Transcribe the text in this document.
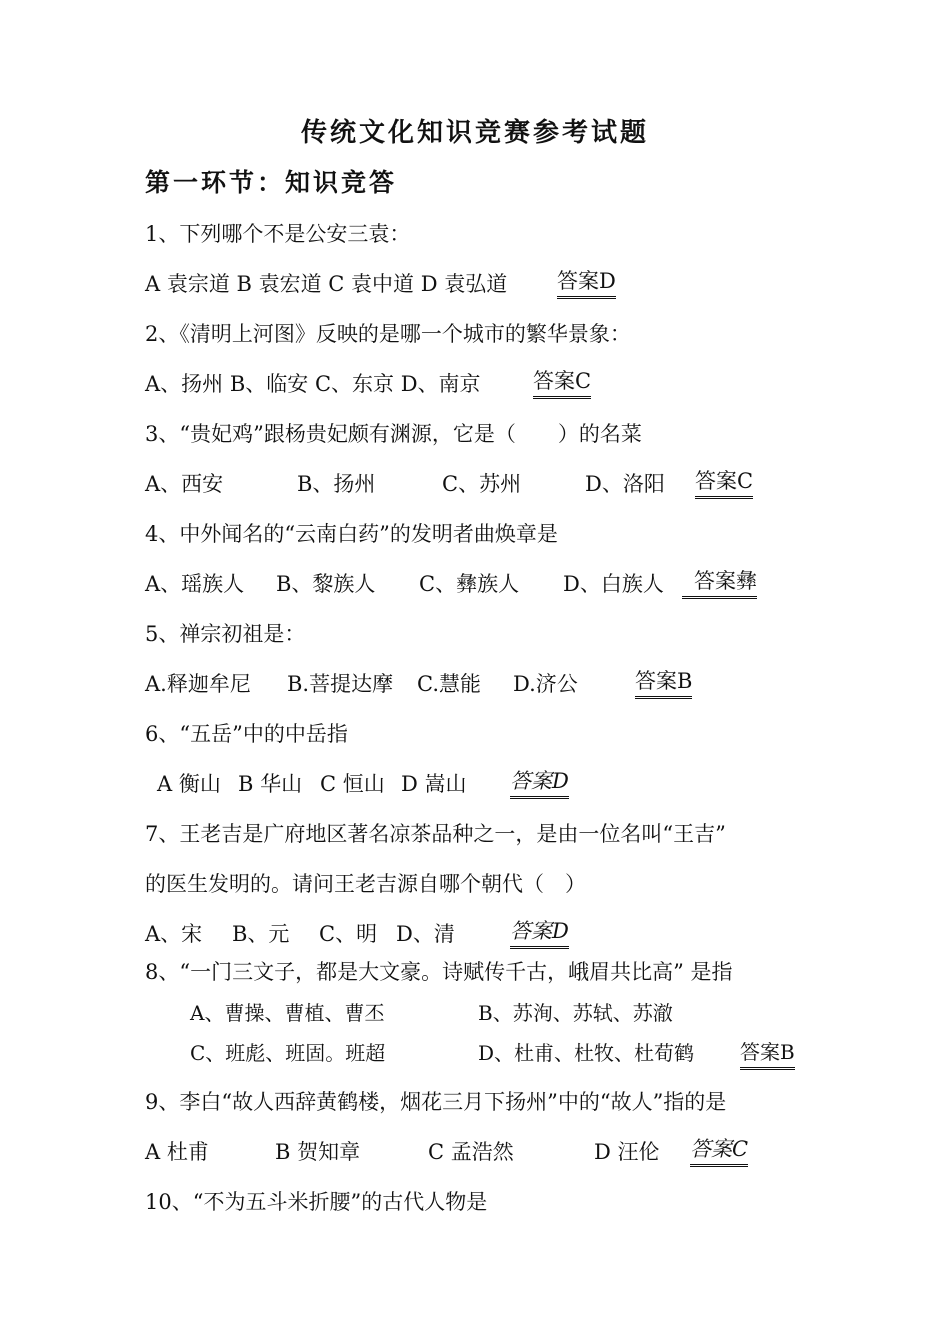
传统文化知识竞赛参考试题
第一环节：知识竞答
1、下列哪个不是公安三袁：
A 袁宗道 B 袁宏道 C 袁中道 D 袁弘道 答案D
2、《清明上河图》反映的是哪一个城市的繁华景象：
A、扬州 B、临安 C、东京 D、南京 答案C
3、“贵妃鸡”跟杨贵妃颇有渊源，它是（　　）的名菜
A、西安	B、扬州	C、苏州	D、洛阳 答案C
4、中外闻名的“云南白药”的发明者曲焕章是
A、瑶族人 B、黎族人 C、彝族人 D、白族人	答案彝
5、禅宗初祖是：
A.释迦牟尼 B.菩提达摩 C.慧能 D.济公	答案B
6、“五岳”中的中岳指
A 衡山 B 华山 C 恒山 D 嵩山 答案D
7、王老吉是广府地区著名凉茶品种之一，是由一位名叫“王吉”
的医生发明的。请问王老吉源自哪个朝代（　）
A、宋 B、元 C、明 D、清	答案D
8、“一门三文子，都是大文豪。诗赋传千古，峨眉共比高” 是指
A、曹操、曹植、曹丕	B、苏洵、苏轼、苏澈
C、班彪、班固。班超	D、杜甫、杜牧、杜荀鹤 答案B
9、李白“故人西辞黄鹤楼，烟花三月下扬州”中的“故人”指的是
A 杜甫	B 贺知章	C 孟浩然	D 汪伦 答案C
10、“不为五斗米折腰”的古代人物是
